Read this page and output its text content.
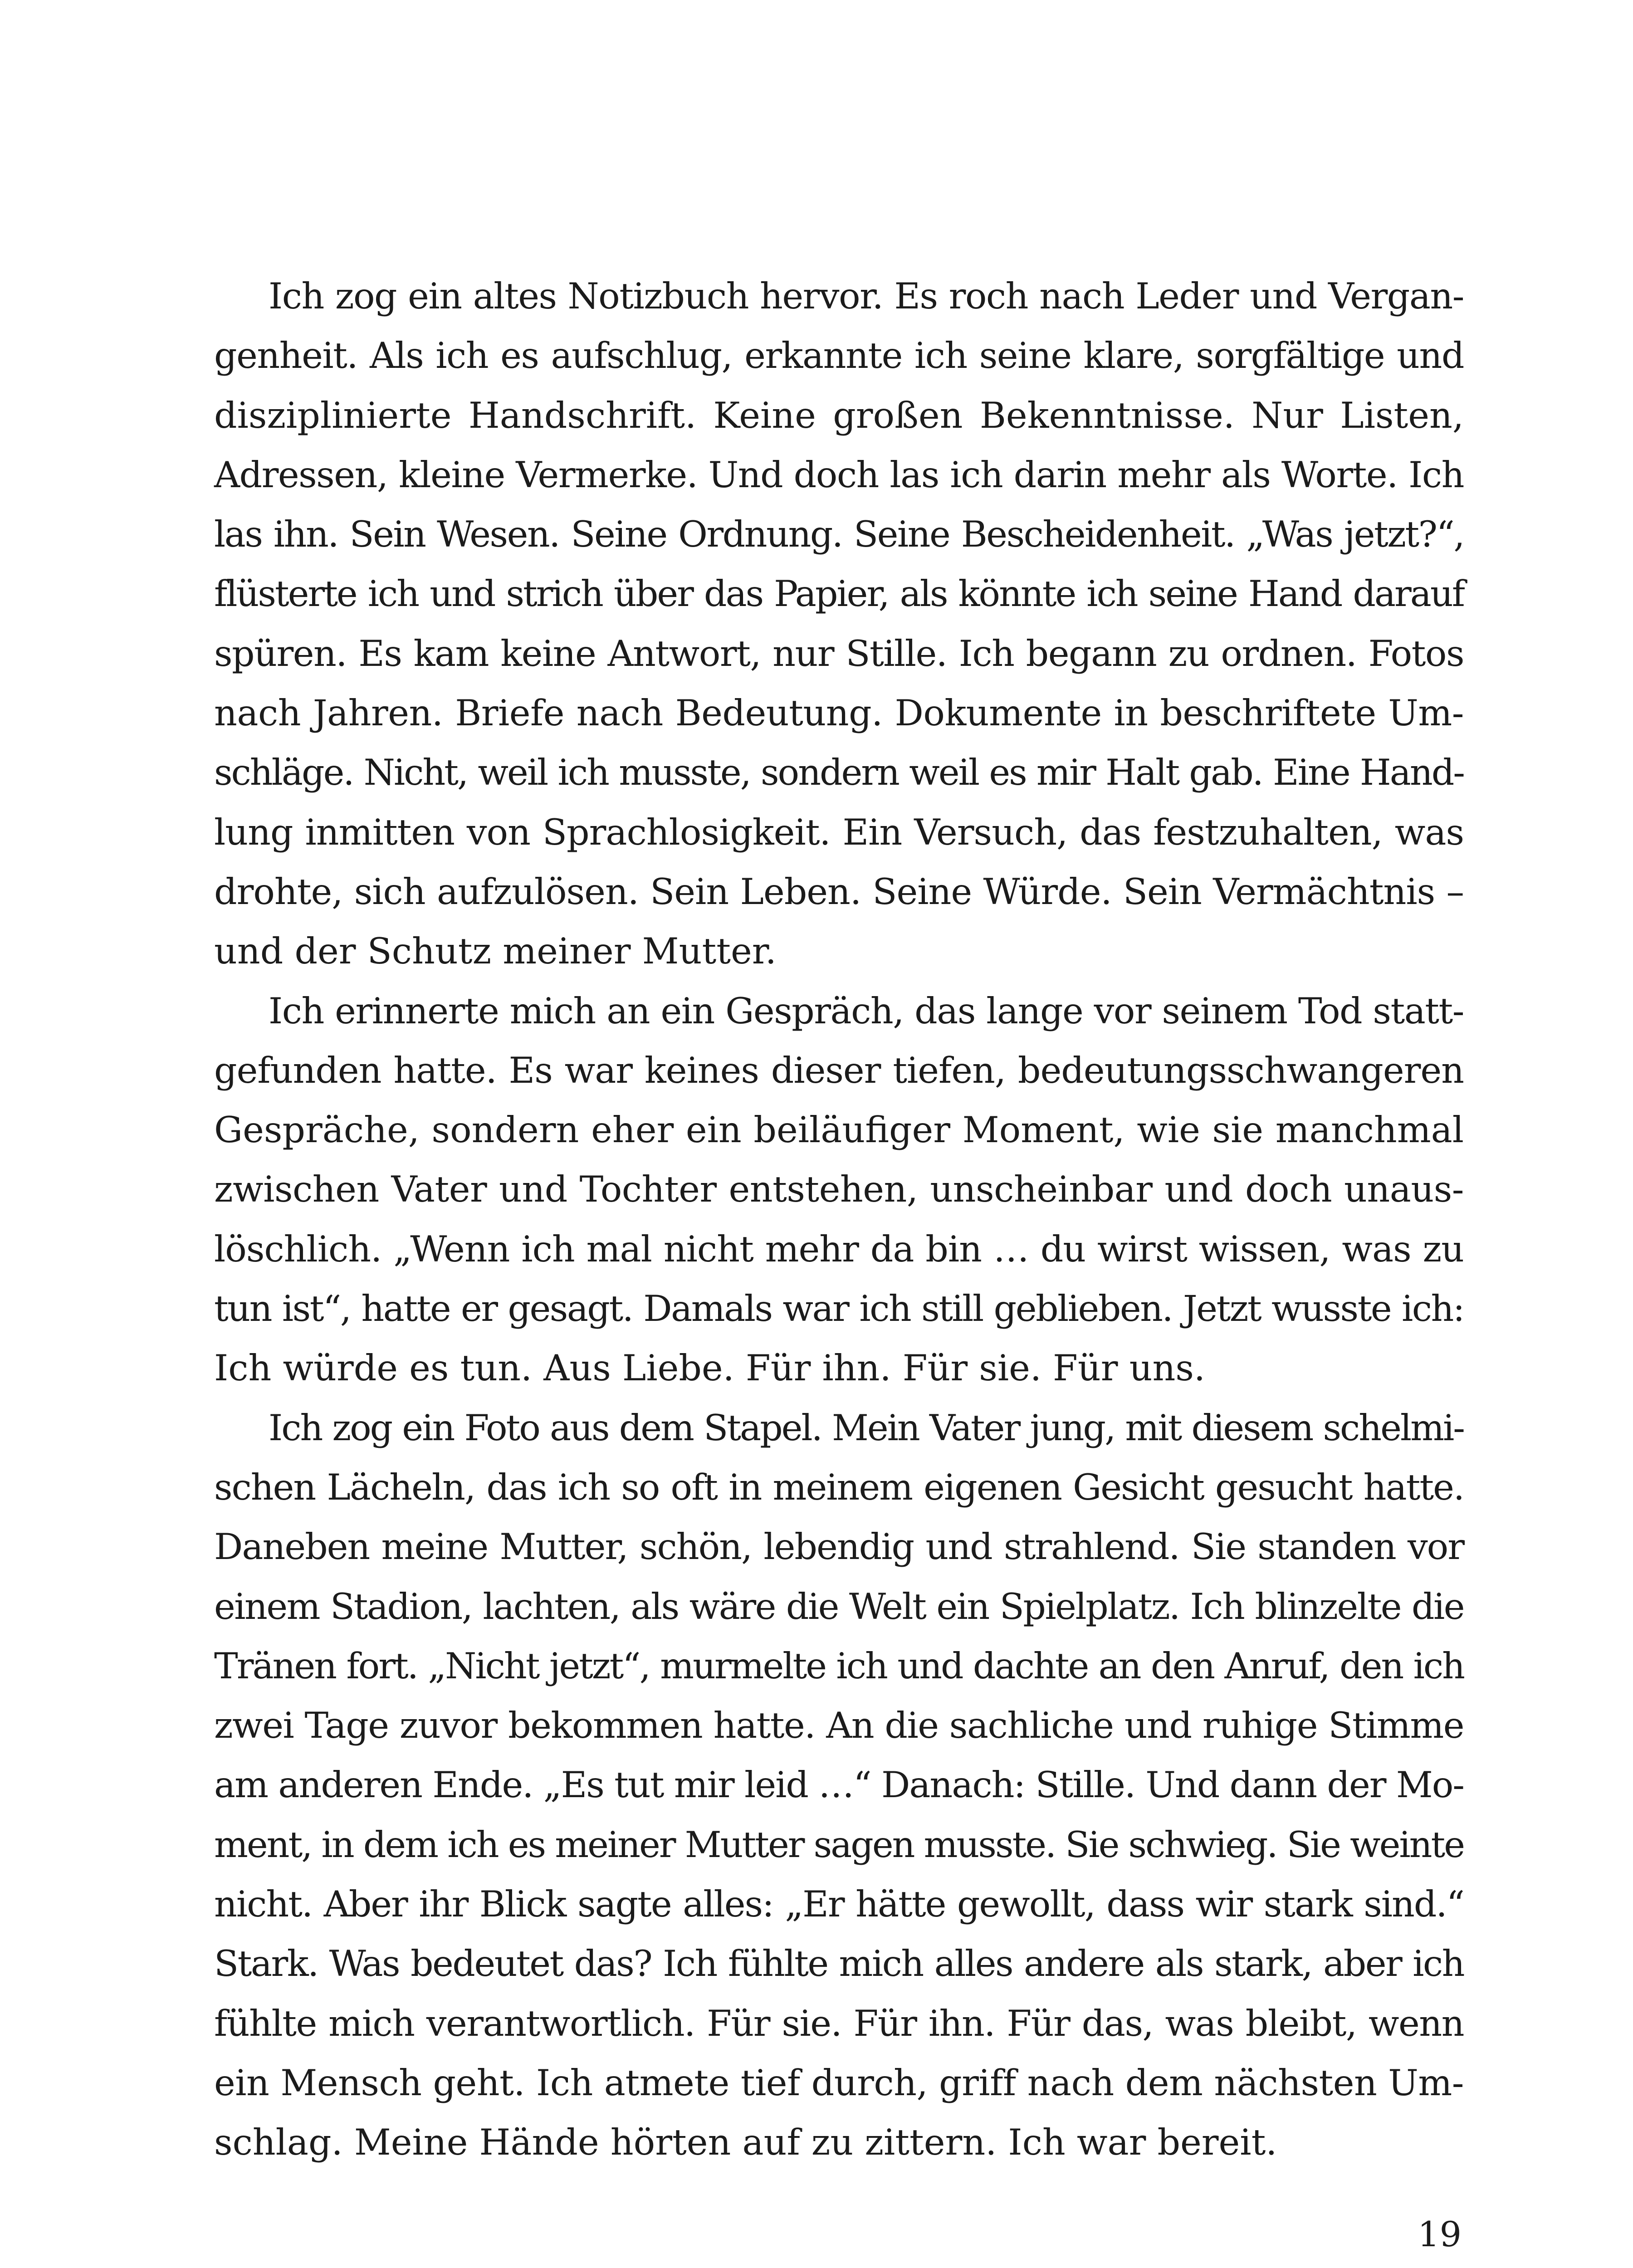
Ich zog ein altes Notizbuch hervor. Es roch nach Leder und Vergan-
genheit. Als ich es aufschlug, erkannte ich seine klare, sorgfältige und
disziplinierte Handschrift. Keine großen Bekenntnisse. Nur Listen,
Adressen, kleine Vermerke. Und doch las ich darin mehr als Worte. Ich
las ihn. Sein Wesen. Seine Ordnung. Seine Bescheidenheit. „Was jetzt?“,
flüsterte ich und strich über das Papier, als könnte ich seine Hand darauf
spüren. Es kam keine Antwort, nur Stille. Ich begann zu ordnen. Fotos
nach Jahren. Briefe nach Bedeutung. Dokumente in beschriftete Um-
schläge. Nicht, weil ich musste, sondern weil es mir Halt gab. Eine Hand-
lung inmitten von Sprachlosigkeit. Ein Versuch, das festzuhalten, was
drohte, sich aufzulösen. Sein Leben. Seine Würde. Sein Vermächtnis –
und der Schutz meiner Mutter.
Ich erinnerte mich an ein Gespräch, das lange vor seinem Tod statt-
gefunden hatte. Es war keines dieser tiefen, bedeutungsschwangeren
Gespräche, sondern eher ein beiläufiger Moment, wie sie manchmal
zwischen Vater und Tochter entstehen, unscheinbar und doch unaus-
löschlich. „Wenn ich mal nicht mehr da bin … du wirst wissen, was zu
tun ist“, hatte er gesagt. Damals war ich still geblieben. Jetzt wusste ich:
Ich würde es tun. Aus Liebe. Für ihn. Für sie. Für uns.
Ich zog ein Foto aus dem Stapel. Mein Vater jung, mit diesem schelmi-
schen Lächeln, das ich so oft in meinem eigenen Gesicht gesucht hatte.
Daneben meine Mutter, schön, lebendig und strahlend. Sie standen vor
einem Stadion, lachten, als wäre die Welt ein Spielplatz. Ich blinzelte die
Tränen fort. „Nicht jetzt“, murmelte ich und dachte an den Anruf, den ich
zwei Tage zuvor bekommen hatte. An die sachliche und ruhige Stimme
am anderen Ende. „Es tut mir leid …“ Danach: Stille. Und dann der Mo-
ment, in dem ich es meiner Mutter sagen musste. Sie schwieg. Sie weinte
nicht. Aber ihr Blick sagte alles: „Er hätte gewollt, dass wir stark sind.“
Stark. Was bedeutet das? Ich fühlte mich alles andere als stark, aber ich
fühlte mich verantwortlich. Für sie. Für ihn. Für das, was bleibt, wenn
ein Mensch geht. Ich atmete tief durch, griff nach dem nächsten Um-
schlag. Meine Hände hörten auf zu zittern. Ich war bereit.
19
